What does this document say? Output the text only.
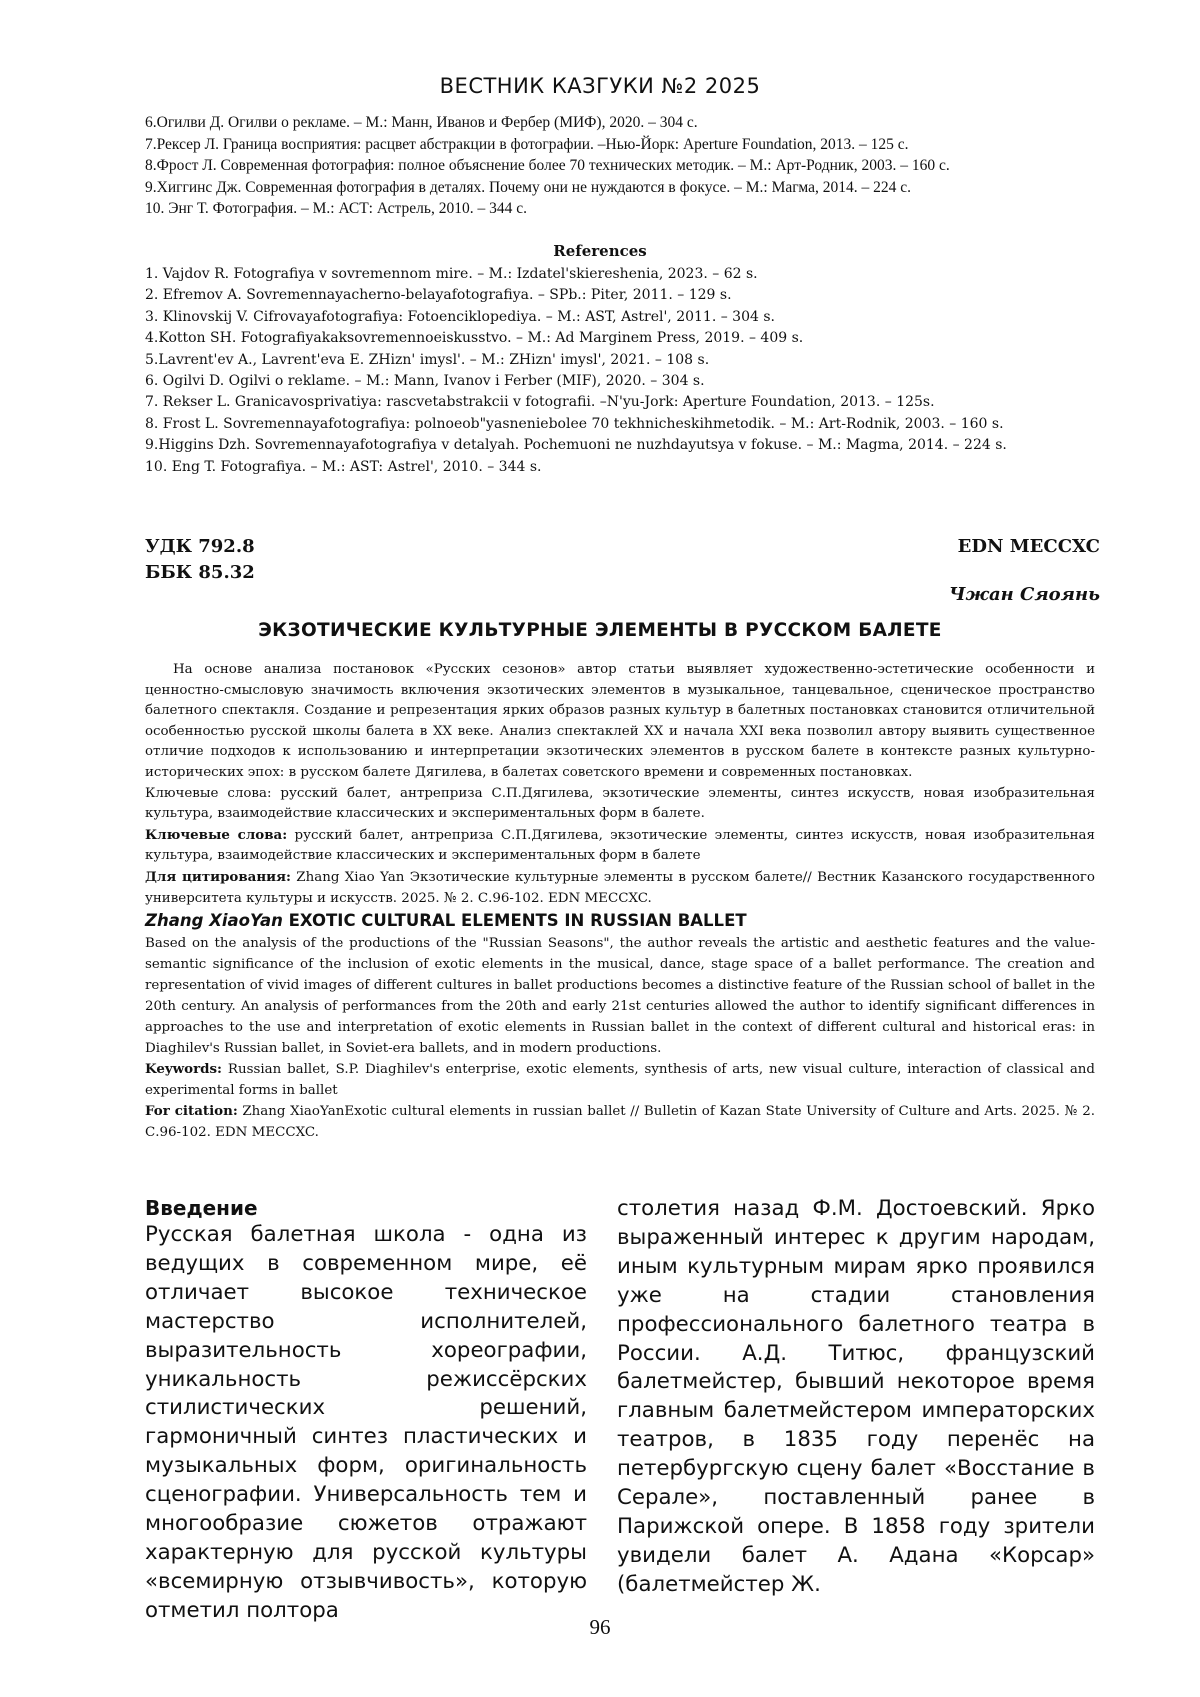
ВЕСТНИК КАЗГУКИ №2 2025
6.Огилви Д. Огилви о рекламе. – М.: Манн, Иванов и Фербер (МИФ), 2020. – 304 с.
7.Рексер Л. Граница восприятия: расцвет абстракции в фотографии. –Нью-Йорк: Aperture Foundation, 2013. – 125 с.
8.Фрост Л. Современная фотография: полное объяснение более 70 технических методик. – М.: Арт-Родник, 2003. – 160 с.
9.Хиггинс Дж. Современная фотография в деталях. Почему они не нуждаются в фокусе. – М.: Магма, 2014. – 224 с.
10. Энг Т. Фотография. – М.: АСТ: Астрель, 2010. – 344 с.
References
1. Vajdov R. Fotografiya v sovremennom mire. – M.: Izdatel'skiereshenia, 2023. – 62 s.
2. Efremov A. Sovremennayacherno-belayafotografiya. – SPb.: Piter, 2011. – 129 s.
3. Klinovskij V. Cifrovayafotografiya: Fotoenciklopediya. – M.: AST, Astrel', 2011. – 304 s.
4.Kotton SH. Fotografiyakaksovremennoeiskusstvo. – M.: Ad Marginem Press, 2019. – 409 s.
5.Lavrent'ev A., Lavrent'eva E. ZHizn' imysl'. – M.: ZHizn' imysl', 2021. – 108 s.
6. Ogilvi D. Ogilvi o reklame. – M.: Mann, Ivanov i Ferber (MIF), 2020. – 304 s.
7. Rekser L. Granicavosprivatiya: rascvetabstrakcii v fotografii. –N'yu-Jork: Aperture Foundation, 2013. – 125s.
8. Frost L. Sovremennayafotografiya: polnoeob"yasneniebolee 70 tekhnicheskihmetodik. – M.: Art-Rodnik, 2003. – 160 s.
9.Higgins Dzh. Sovremennayafotografiya v detalyah. Pochemuoni ne nuzhdayutsya v fokuse. – M.: Magma, 2014. – 224 s.
10. Eng T. Fotografiya. – M.: AST: Astrel', 2010. – 344 s.
УДК 792.8
ББК 85.32
EDN MECCXC
Чжан Сяоянь
ЭКЗОТИЧЕСКИЕ КУЛЬТУРНЫЕ ЭЛЕМЕНТЫ В РУССКОМ БАЛЕТЕ

На основе анализа постановок «Русских сезонов» автор статьи выявляет художественно-эстетические особенности и ценностно-смысловую значимость включения экзотических элементов в музыкальное, танцевальное, сценическое пространство балетного спектакля. Создание и репрезентация ярких образов разных культур в балетных постановках становится отличительной особенностью русской школы балета в XX веке. Анализ спектаклей XX и начала XXI века позволил автору выявить существенное отличие подходов к использованию и интерпретации экзотических элементов в русском балете в контексте разных культурно-исторических эпох: в русском балете Дягилева, в балетах советского времени и современных постановках.

Ключевые слова: русский балет, антреприза С.П.Дягилева, экзотические элементы, синтез искусств, новая изобразительная культура, взаимодействие классических и экспериментальных форм в балете.

Ключевые слова: русский балет, антреприза С.П.Дягилева, экзотические элементы, синтез искусств, новая изобразительная культура, взаимодействие классических и экспериментальных форм в балете

Для цитирования: Zhang Xiao Yan Экзотические культурные элементы в русском балете// Вестник Казанского государственного университета культуры и искусств. 2025. № 2. С.96-102. EDN MECCXC.

Zhang XiaoYan EXOTIC CULTURAL ELEMENTS IN RUSSIAN BALLET

Based on the analysis of the productions of the "Russian Seasons", the author reveals the artistic and aesthetic features and the value-semantic significance of the inclusion of exotic elements in the musical, dance, stage space of a ballet performance. The creation and representation of vivid images of different cultures in ballet productions becomes a distinctive feature of the Russian school of ballet in the 20th century. An analysis of performances from the 20th and early 21st centuries allowed the author to identify significant differences in approaches to the use and interpretation of exotic elements in Russian ballet in the context of different cultural and historical eras: in Diaghilev's Russian ballet, in Soviet-era ballets, and in modern productions.

Keywords: Russian ballet, S.P. Diaghilev's enterprise, exotic elements, synthesis of arts, new visual culture, interaction of classical and experimental forms in ballet

For citation: Zhang XiaoYanExotic cultural elements in russian ballet // Bulletin of Kazan State University of Culture and Arts. 2025. № 2. С.96-102. EDN MECCXC.

Введение

Русская балетная школа - одна из ведущих в современном мире, её отличает высокое техническое мастерство исполнителей, выразительность хореографии, уникальность режиссёрских стилистических решений, гармоничный синтез пластических и музыкальных форм, оригинальность сценографии. Универсальность тем и многообразие сюжетов отражают характерную для русской культуры «всемирную отзывчивость», которую отметил полтора

столетия назад Ф.М. Достоевский. Ярко выраженный интерес к другим народам, иным культурным мирам ярко проявился уже на стадии становления профессионального балетного театра в России. А.Д. Титюс, французский балетмейстер, бывший некоторое время главным балетмейстером императорских театров, в 1835 году перенёс на петербургскую сцену балет «Восстание в Серале», поставленный ранее в Парижской опере. В 1858 году зрители увидели балет А. Адана «Корсар» (балетмейстер Ж.

96
